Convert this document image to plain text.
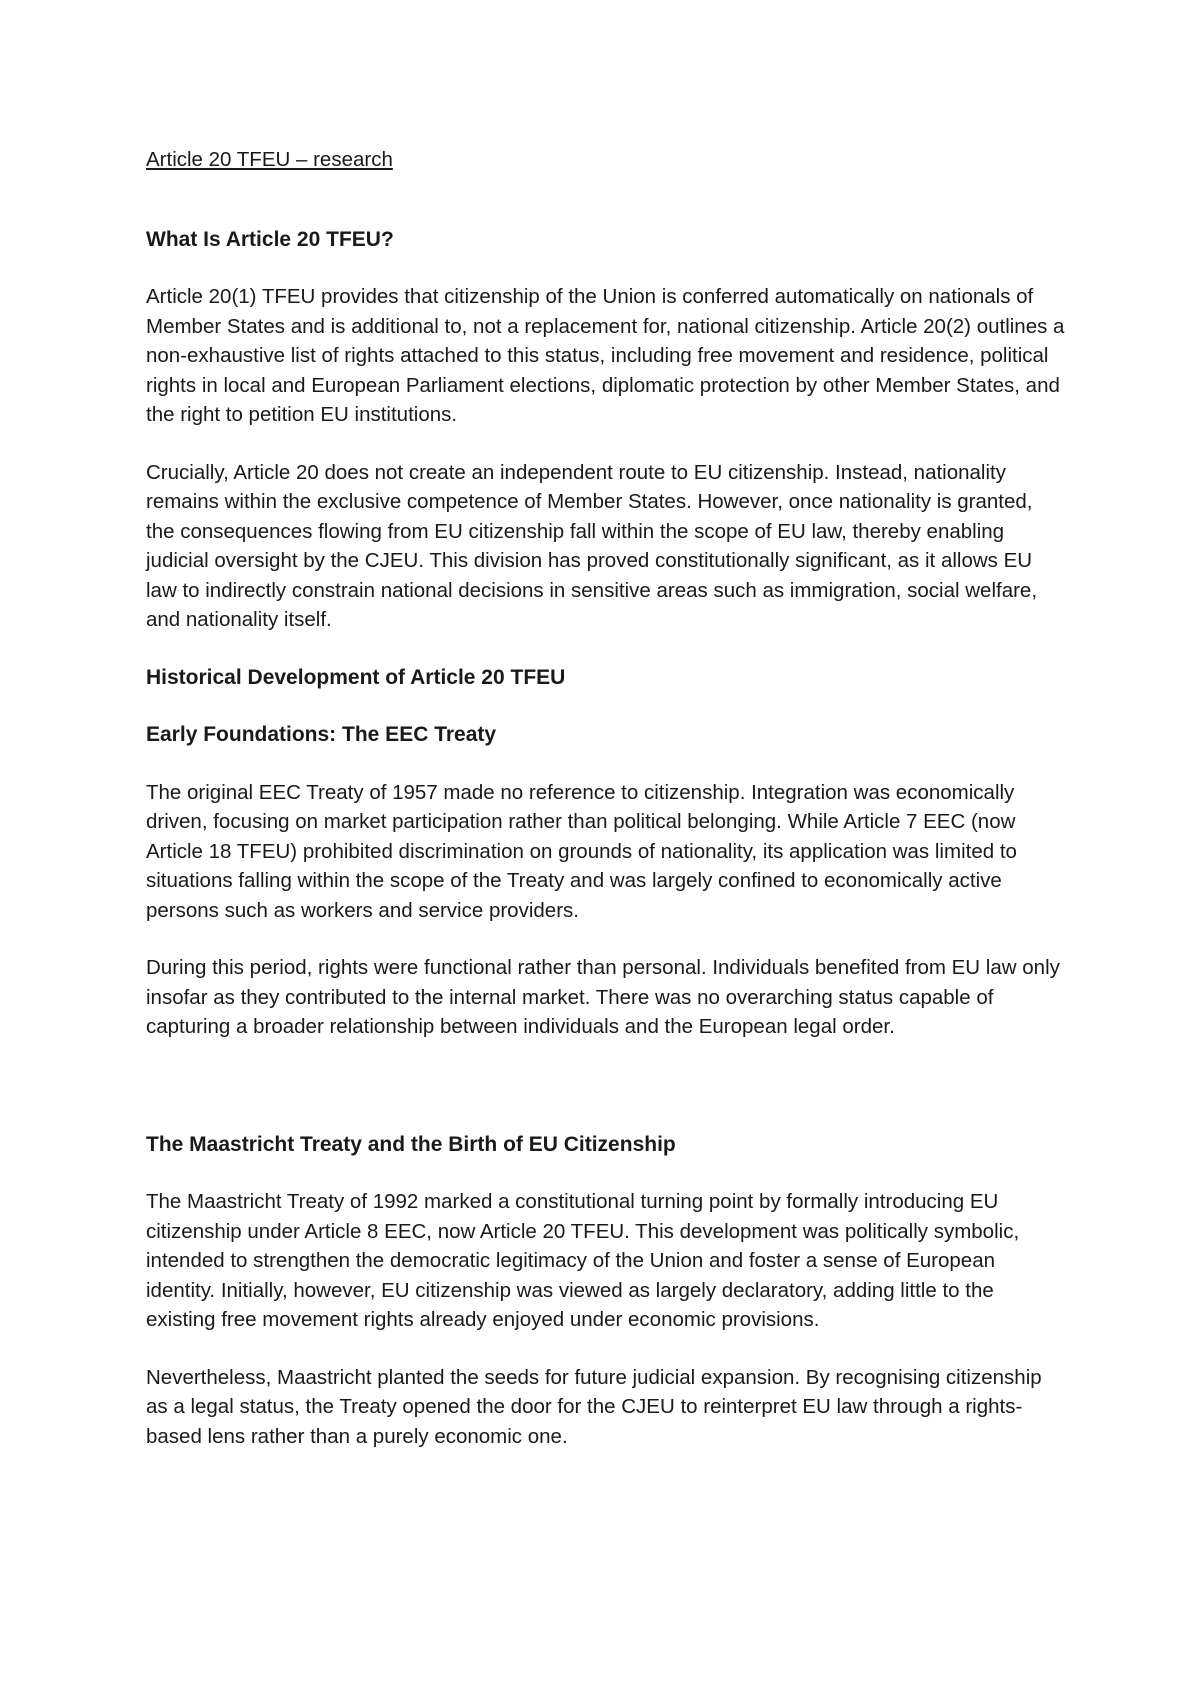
Article 20 TFEU – research
What Is Article 20 TFEU?

Article 20(1) TFEU provides that citizenship of the Union is conferred automatically on nationals of Member States and is additional to, not a replacement for, national citizenship. Article 20(2) outlines a non-exhaustive list of rights attached to this status, including free movement and residence, political rights in local and European Parliament elections, diplomatic protection by other Member States, and the right to petition EU institutions.

Crucially, Article 20 does not create an independent route to EU citizenship. Instead, nationality remains within the exclusive competence of Member States. However, once nationality is granted, the consequences flowing from EU citizenship fall within the scope of EU law, thereby enabling judicial oversight by the CJEU. This division has proved constitutionally significant, as it allows EU law to indirectly constrain national decisions in sensitive areas such as immigration, social welfare, and nationality itself.

Historical Development of Article 20 TFEU
Early Foundations: The EEC Treaty

The original EEC Treaty of 1957 made no reference to citizenship. Integration was economically driven, focusing on market participation rather than political belonging. While Article 7 EEC (now Article 18 TFEU) prohibited discrimination on grounds of nationality, its application was limited to situations falling within the scope of the Treaty and was largely confined to economically active persons such as workers and service providers.

During this period, rights were functional rather than personal. Individuals benefited from EU law only insofar as they contributed to the internal market. There was no overarching status capable of capturing a broader relationship between individuals and the European legal order.

The Maastricht Treaty and the Birth of EU Citizenship

The Maastricht Treaty of 1992 marked a constitutional turning point by formally introducing EU citizenship under Article 8 EEC, now Article 20 TFEU. This development was politically symbolic, intended to strengthen the democratic legitimacy of the Union and foster a sense of European identity. Initially, however, EU citizenship was viewed as largely declaratory, adding little to the existing free movement rights already enjoyed under economic provisions.

Nevertheless, Maastricht planted the seeds for future judicial expansion. By recognising citizenship as a legal status, the Treaty opened the door for the CJEU to reinterpret EU law through a rights-based lens rather than a purely economic one.
